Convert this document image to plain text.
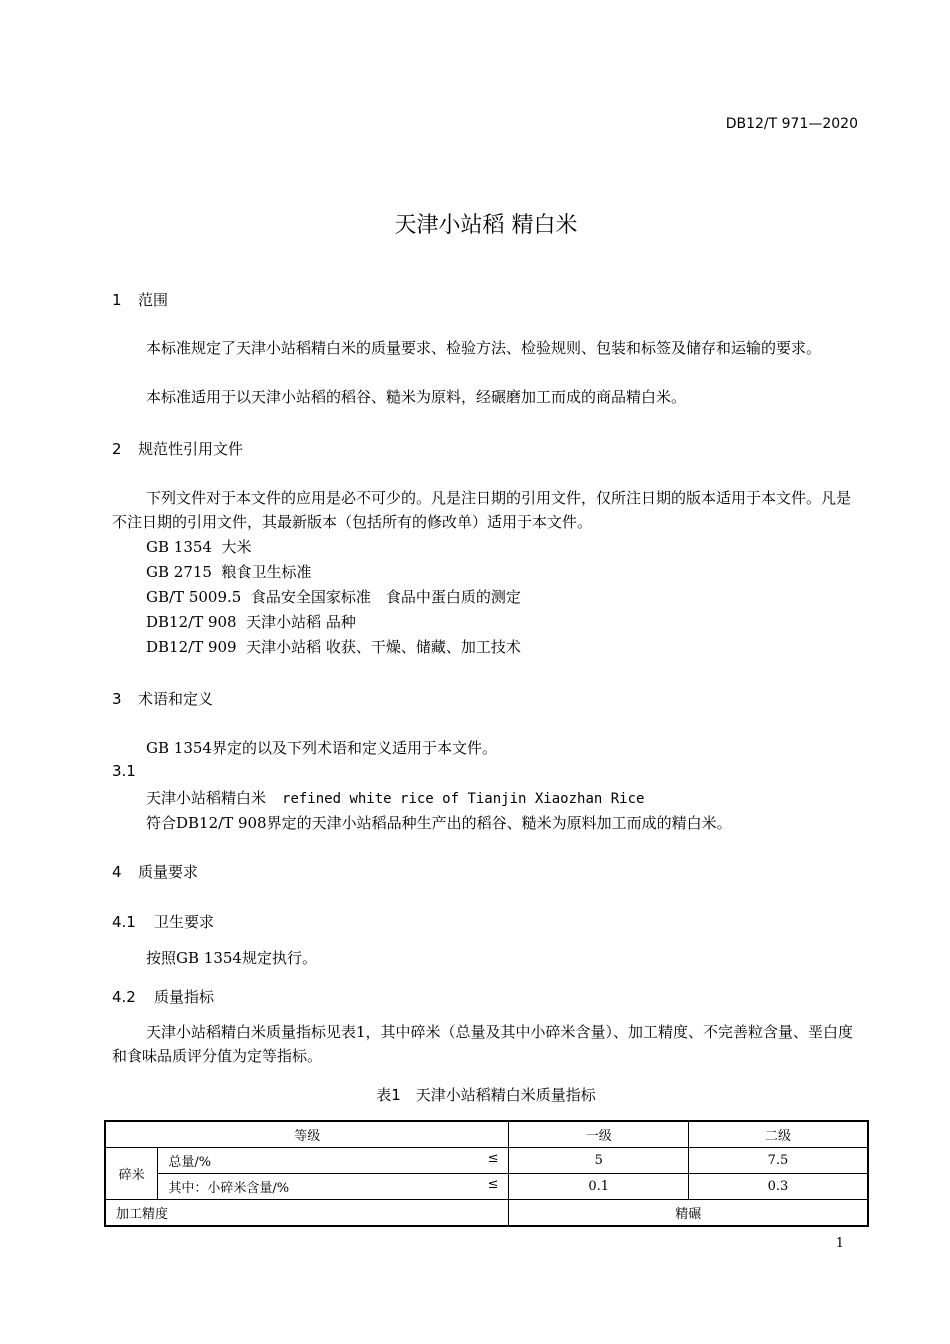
DB12/T 971—2020
天津小站稻 精白米
1 范围
本标准规定了天津小站稻精白米的质量要求、检验方法、检验规则、包装和标签及储存和运输的要求。
本标准适用于以天津小站稻的稻谷、糙米为原料，经碾磨加工而成的商品精白米。
2 规范性引用文件
下列文件对于本文件的应用是必不可少的。凡是注日期的引用文件，仅所注日期的版本适用于本文件。凡是不注日期的引用文件，其最新版本（包括所有的修改单）适用于本文件。
GB 1354 大米
GB 2715 粮食卫生标准
GB/T 5009.5 食品安全国家标准　食品中蛋白质的测定
DB12/T 908 天津小站稻 品种
DB12/T 909 天津小站稻 收获、干燥、储藏、加工技术
3 术语和定义
GB 1354界定的以及下列术语和定义适用于本文件。
3.1
天津小站稻精白米 refined white rice of Tianjin Xiaozhan Rice
符合DB12/T 908界定的天津小站稻品种生产出的稻谷、糙米为原料加工而成的精白米。
4 质量要求
4.1 卫生要求
按照GB 1354规定执行。
4.2 质量指标
天津小站稻精白米质量指标见表1，其中碎米（总量及其中小碎米含量）、加工精度、不完善粒含量、垩白度和食味品质评分值为定等指标。
表1　天津小站稻精白米质量指标
等级		一级	二级
碎米	总量/% ≤	5	7.5

	其中：小碎米含量/% ≤	0.1	0.3
加工精度		精碾	
1
